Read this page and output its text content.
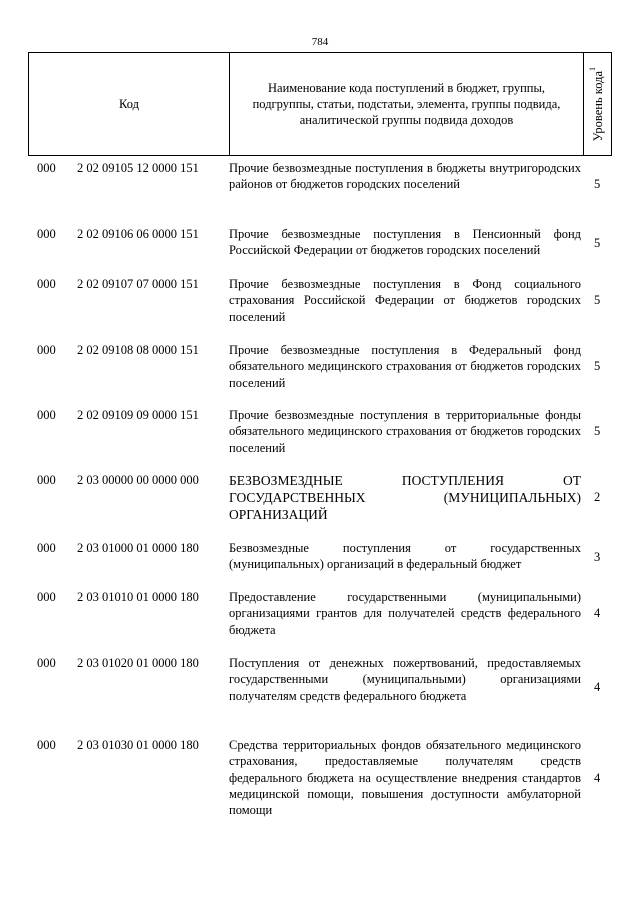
784
Код
Наименование кода поступлений в бюджет, группы, подгруппы, статьи, подстатьи, элемента, группы подвида, аналитической группы подвида доходов	Уровень кода$^1$
000 2 02 09105 12 0000 151 Прочие безвозмездные поступления в бюджеты внутригородских районов от бюджетов городских поселений	5
000 2 02 09106 06 0000 151 Прочие безвозмездные поступления в Пенсионный фонд Российской Федерации от бюджетов городских поселений
5
000 2 02 09107 07 0000 151 Прочие безвозмездные поступления в Фонд социального страхования Российской Федерации от бюджетов городских поселений
5
000 2 02 09108 08 0000 151 Прочие безвозмездные поступления в Федеральный фонд обязательного медицинского страхования от бюджетов городских поселений
5
000 2 02 09109 09 0000 151 Прочие безвозмездные поступления в территориальные фонды обязательного медицинского страхования от бюджетов городских поселений
5
000 2 03 00000 00 0000 000 БЕЗВОЗМЕЗДНЫЕ ПОСТУПЛЕНИЯ ОТ ГОСУДАРСТВЕННЫХ (МУНИЦИПАЛЬНЫХ) ОРГАНИЗАЦИЙ
2
000 2 03 01000 01 0000 180 Безвозмездные поступления от государственных (муниципальных) организаций в федеральный бюджет
3
000 2 03 01010 01 0000 180 Предоставление государственными (муниципальными) организациями грантов для получателей средств федерального бюджета
4
000 2 03 01020 01 0000 180 Поступления от денежных пожертвований, предоставляемых государственными (муниципальными) организациями получателям средств федерального бюджета
4
000 2 03 01030 01 0000 180 Средства территориальных фондов обязательного медицинского страхования, предоставляемые получателям средств федерального бюджета на осуществление внедрения стандартов медицинской помощи, повышения доступности амбулаторной помощи
4
